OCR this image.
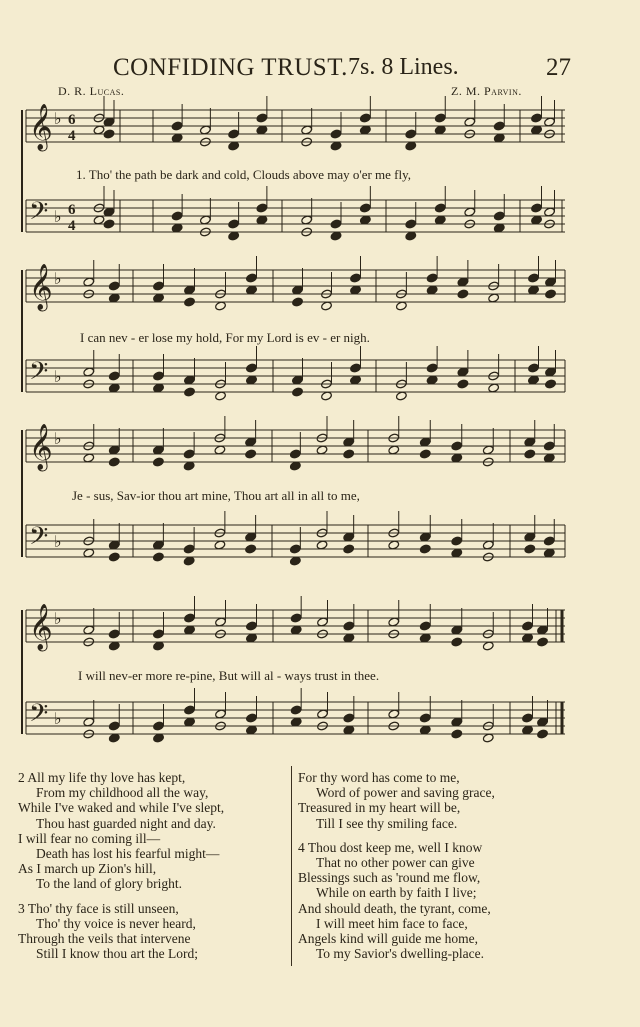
CONFIDING TRUST. 7s. 8 Lines.	27
D. R. Lucas.	Z. M. Parvin.
𝄞 ♭ 6
4
𝄢 ♭ 6
4
𝄞 ♭
𝄢 ♭
𝄞 ♭
𝄢 ♭
𝄞 ♭
𝄢 ♭
1. Tho' the path be dark and cold, Clouds above may o'er me fly,
I can nev - er lose my hold, For my Lord is ev - er nigh.
Je - sus, Sav-ior thou art mine, Thou art all in all to me,
I will nev-er more re-pine, But will al - ways trust in thee.
2 All my life thy love has kept,
From my childhood all the way,
While I've waked and while I've slept,
Thou hast guarded night and day.
I will fear no coming ill—
Death has lost his fearful might—
As I march up Zion's hill,
To the land of glory bright.
3 Tho' thy face is still unseen,
Tho' thy voice is never heard,
Through the veils that intervene
Still I know thou art the Lord;
For thy word has come to me,
Word of power and saving grace,
Treasured in my heart will be,
Till I see thy smiling face.
4 Thou dost keep me, well I know
That no other power can give
Blessings such as 'round me flow,
While on earth by faith I live;
And should death, the tyrant, come,
I will meet him face to face,
Angels kind will guide me home,
To my Savior's dwelling-place.
